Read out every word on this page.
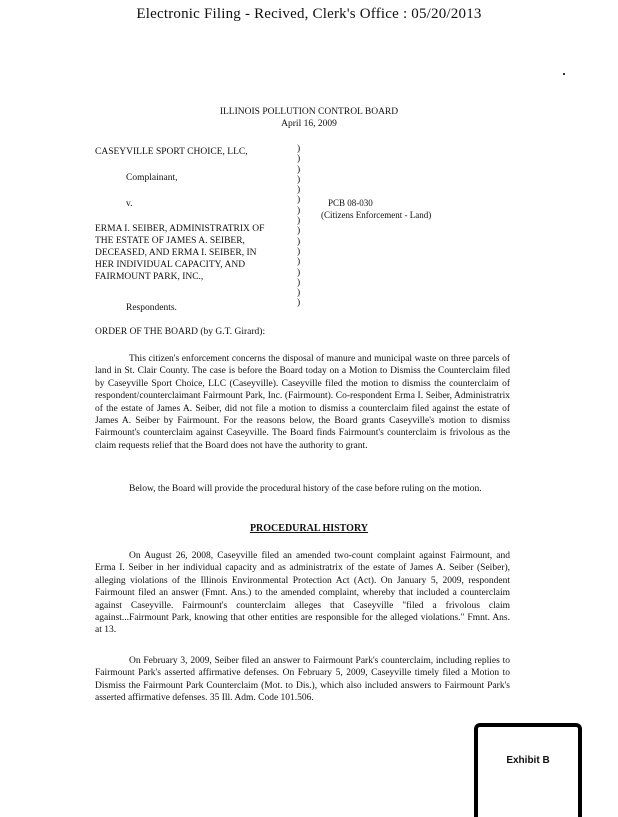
Electronic Filing - Recived, Clerk's Office : 05/20/2013
ILLINOIS POLLUTION CONTROL BOARD
April 16, 2009
CASEYVILLE SPORT CHOICE, LLC,
Complainant,
v.
ERMA I. SEIBER, ADMINISTRATRIX OF
THE ESTATE OF JAMES A. SEIBER,
DECEASED, AND ERMA I. SEIBER, IN
HER INDIVIDUAL CAPACITY, AND
FAIRMOUNT PARK, INC.,
Respondents.
)
)
)
)
)
)
)
)
)
)
)
)
)
)
)
)
PCB 08-030
(Citizens Enforcement - Land)
ORDER OF THE BOARD (by G.T. Girard):

This citizen's enforcement concerns the disposal of manure and municipal waste on three parcels of land in St. Clair County. The case is before the Board today on a Motion to Dismiss the Counterclaim filed by Caseyville Sport Choice, LLC (Caseyville). Caseyville filed the motion to dismiss the counterclaim of respondent/counterclaimant Fairmount Park, Inc. (Fairmount). Co-respondent Erma I. Seiber, Administratrix of the estate of James A. Seiber, did not file a motion to dismiss a counterclaim filed against the estate of James A. Seiber by Fairmount. For the reasons below, the Board grants Caseyville's motion to dismiss Fairmount's counterclaim against Caseyville. The Board finds Fairmount's counterclaim is frivolous as the claim requests relief that the Board does not have the authority to grant.

Below, the Board will provide the procedural history of the case before ruling on the motion.

PROCEDURAL HISTORY

On August 26, 2008, Caseyville filed an amended two-count complaint against Fairmount, and Erma I. Seiber in her individual capacity and as administratrix of the estate of James A. Seiber (Seiber), alleging violations of the Illinois Environmental Protection Act (Act). On January 5, 2009, respondent Fairmount filed an answer (Fmnt. Ans.) to the amended complaint, whereby that included a counterclaim against Caseyville. Fairmount's counterclaim alleges that Caseyville "filed a frivolous claim against...Fairmount Park, knowing that other entities are responsible for the alleged violations." Fmnt. Ans. at 13.

On February 3, 2009, Seiber filed an answer to Fairmount Park's counterclaim, including replies to Fairmount Park's asserted affirmative defenses. On February 5, 2009, Caseyville timely filed a Motion to Dismiss the Fairmount Park Counterclaim (Mot. to Dis.), which also included answers to Fairmount Park's asserted affirmative defenses. 35 Ill. Adm. Code 101.506.

Exhibit B
